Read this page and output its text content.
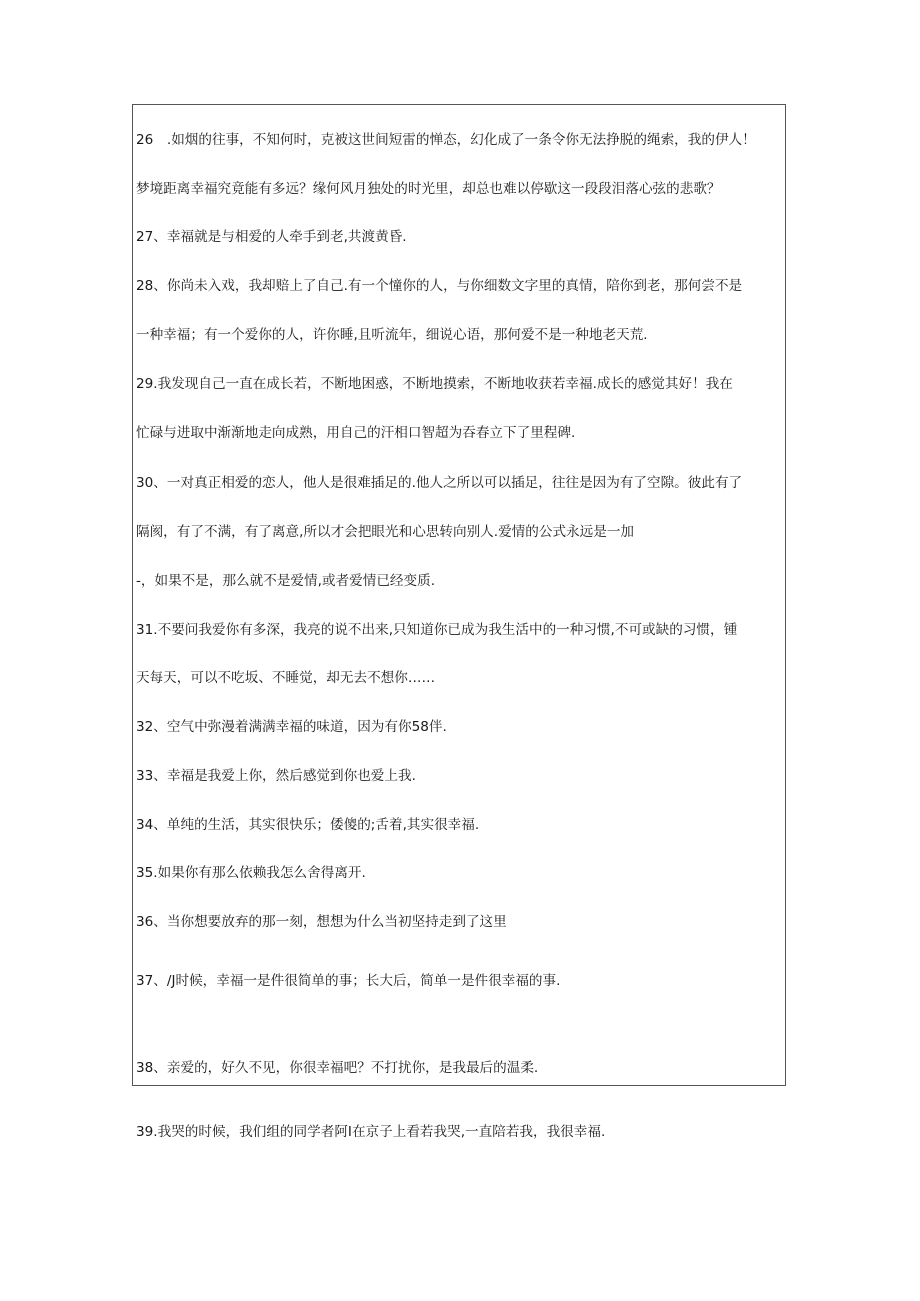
26　.如烟的往事，不知何时，克被这世间短雷的惮态，幻化成了一条令你无法挣脱的绳索，我的伊人！
梦境距离幸福究竟能有多远？缘何风月独处的时光里，却总也难以停歇这一段段泪落心弦的悲歌？
27、幸福就是与相爱的人牵手到老,共渡黄昏.
28、你尚未入戏，我却赔上了自己.有一个憧你的人，与你细数文字里的真情，陪你到老，那何尝不是
一种幸福；有一个爱你的人，许你睡,且听流年，细说心语，那何爱不是一种地老天荒.
29.我发现自己一直在成长若，不断地困惑，不断地摸索，不断地收获若幸福.成长的感觉其好！我在
忙碌与进取中渐渐地走向成熟，用自己的汗相口智超为吞春立下了里程碑.
30、一对真正相爱的恋人，他人是很难插足的.他人之所以可以插足，往往是因为有了空隙。彼此有了
隔阂，有了不满，有了离意,所以才会把眼光和心思转向别人.爱情的公式永远是一加
-，如果不是，那么就不是爱情,或者爱情已经变质.
31.不要问我爱你有多深，我亮的说不出来,只知道你已成为我生活中的一种习惯,不可或缺的习惯，锺
天每天，可以不吃坂、不睡觉，却无去不想你……
32、空气中弥漫着满满幸福的味道，因为有你58伴.
33、幸福是我爱上你，然后感觉到你也爱上我.
34、单纯的生活，其实很快乐；倭傻的;舌着,其实很幸福.
35.如果你有那么依赖我怎么舍得离开.
36、当你想要放弃的那一刻，想想为什么当初坚持走到了这里
37、/J时候，幸福一是件很简单的事；长大后，简单一是件很幸福的事.
38、亲爱的，好久不见，你很幸福吧？不打扰你，是我最后的温柔.
39.我哭的时候，我们组的同学者阿I在京子上看若我哭,一直陪若我，我很幸福.
